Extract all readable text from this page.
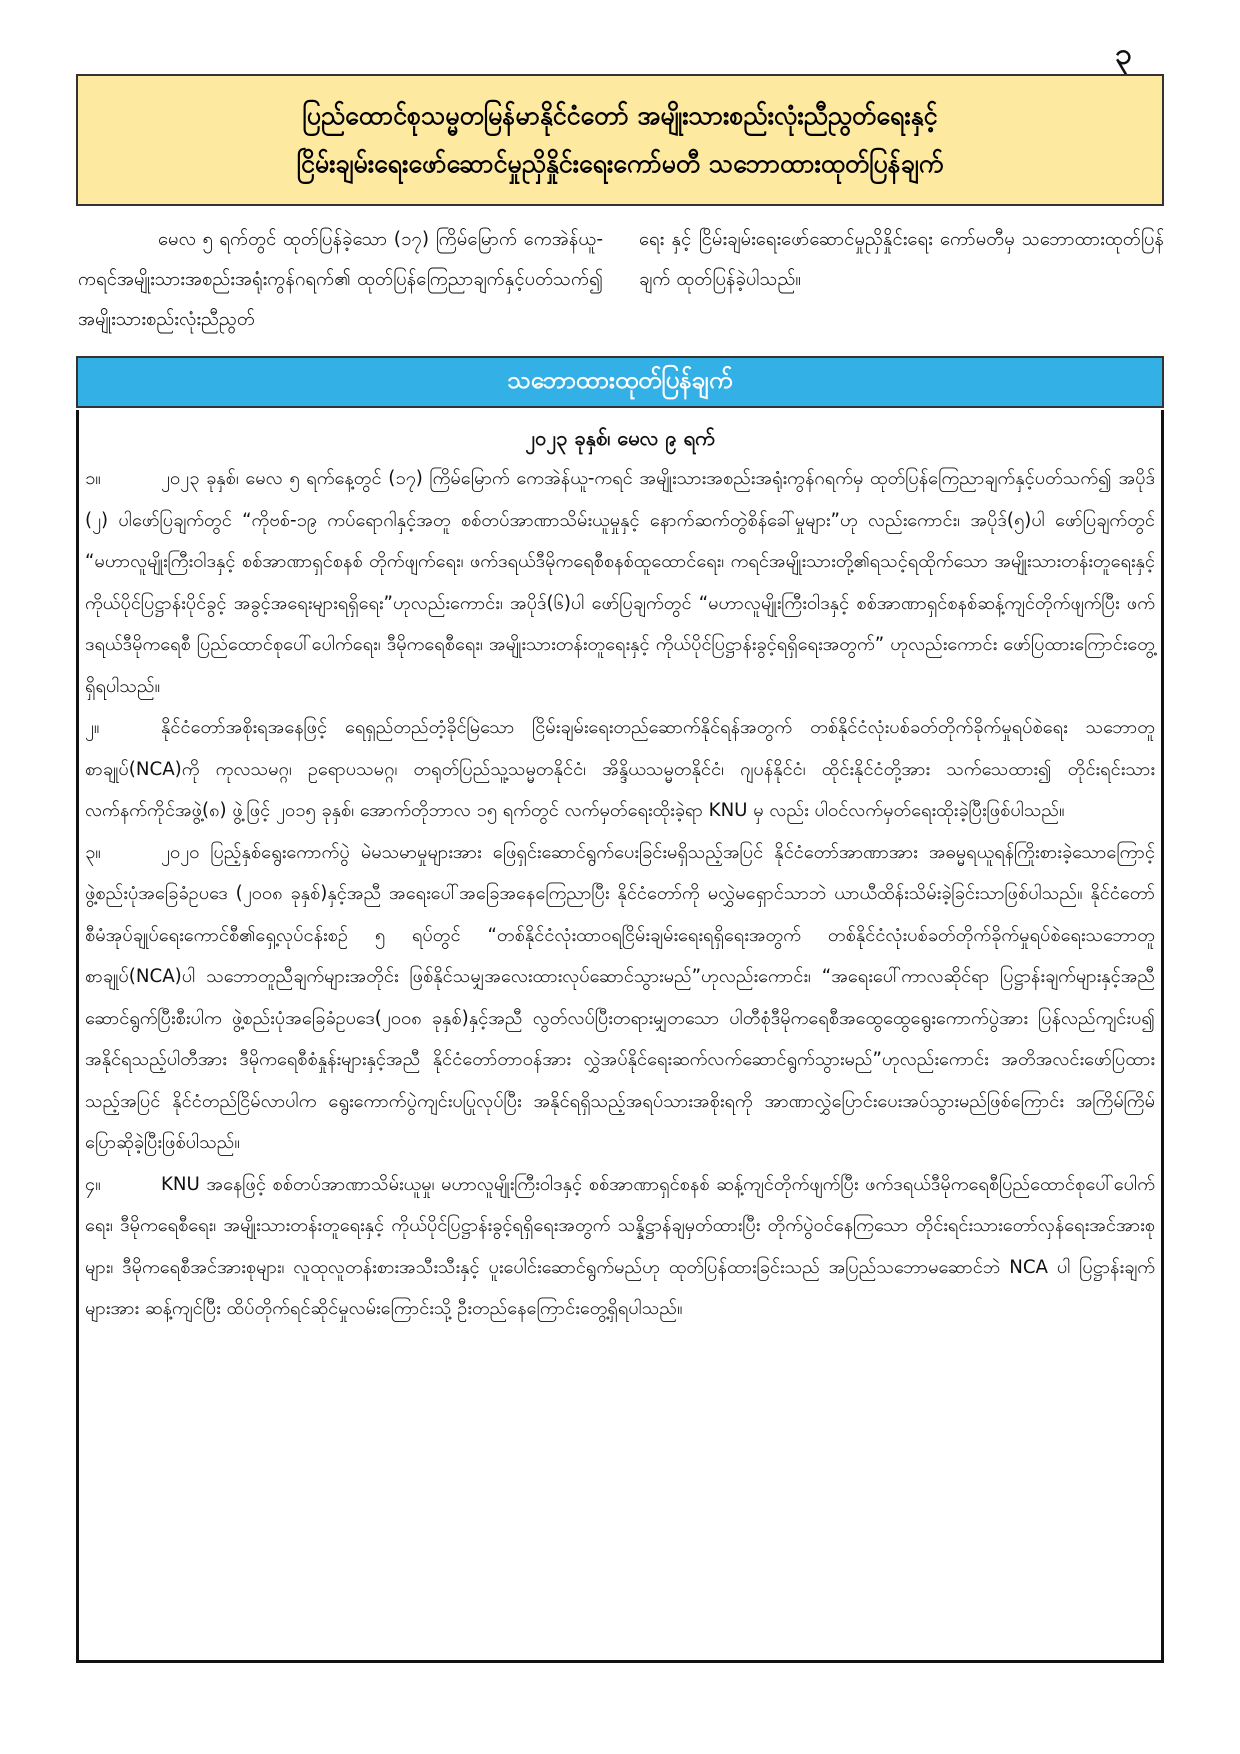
၃
ပြည်ထောင်စုသမ္မတမြန်မာနိုင်ငံတော် အမျိုးသားစည်းလုံးညီညွတ်ရေးနှင့်
ငြိမ်းချမ်းရေးဖော်ဆောင်မှုညှိနှိုင်းရေးကော်မတီ သဘောထားထုတ်ပြန်ချက်
မေလ ၅ ရက်တွင် ထုတ်ပြန်ခဲ့သော (၁၇) ကြိမ်မြောက် ကေအဲန်ယူ-ကရင်အမျိုးသားအစည်းအရုံးကွန်ဂရက်၏ ထုတ်ပြန်ကြေညာချက်နှင့်ပတ်သက်၍ အမျိုးသားစည်းလုံးညီညွတ်
ရေး နှင့် ငြိမ်းချမ်းရေးဖော်ဆောင်မှုညှိနှိုင်းရေး ကော်မတီမှ သဘောထားထုတ်ပြန်ချက် ထုတ်ပြန်ခဲ့ပါသည်။
သဘောထားထုတ်ပြန်ချက်
၂၀၂၃ ခုနှစ်၊ မေလ ၉ ရက်

၁။	၂၀၂၃ ခုနှစ်၊ မေလ ၅ ရက်နေ့တွင် (၁၇) ကြိမ်မြောက် ကေအဲန်ယူ-ကရင် အမျိုးသားအစည်းအရုံးကွန်ဂရက်မှ ထုတ်ပြန်ကြေညာချက်နှင့်ပတ်သက်၍ အပိုဒ် (၂) ပါဖော်ပြချက်တွင် “ကိုဗစ်-၁၉ ကပ်ရောဂါနှင့်အတူ စစ်တပ်အာဏာသိမ်းယူမှုနှင့် နောက်ဆက်တွဲစိန်ခေါ်မှုများ”ဟု လည်းကောင်း၊ အပိုဒ်(၅)ပါ ဖော်ပြချက်တွင် “မဟာလူမျိုးကြီးဝါဒနှင့် စစ်အာဏာရှင်စနစ် တိုက်ဖျက်ရေး၊ ဖက်ဒရယ်ဒီမိုကရေစီစနစ်ထူထောင်ရေး၊ ကရင်အမျိုးသားတို့၏ရသင့်ရထိုက်သော အမျိုးသားတန်းတူရေးနှင့် ကိုယ်ပိုင်ပြဋ္ဌာန်းပိုင်ခွင့် အခွင့်အရေးများရရှိရေး”ဟုလည်းကောင်း၊ အပိုဒ်(၆)ပါ ဖော်ပြချက်တွင် “မဟာလူမျိုးကြီးဝါဒနှင့် စစ်အာဏာရှင်စနစ်ဆန့်ကျင်တိုက်ဖျက်ပြီး ဖက်ဒရယ်ဒီမိုကရေစီ ပြည်ထောင်စုပေါ်ပေါက်ရေး၊ ဒီမိုကရေစီရေး၊ အမျိုးသားတန်းတူရေးနှင့် ကိုယ်ပိုင်ပြဋ္ဌာန်းခွင့်ရရှိရေးအတွက်” ဟုလည်းကောင်း ဖော်ပြထားကြောင်းတွေ့ရှိရပါသည်။

၂။	နိုင်ငံတော်အစိုးရအနေဖြင့် ရေရှည်တည်တံ့ခိုင်မြဲသော ငြိမ်းချမ်းရေးတည်ဆောက်နိုင်ရန်အတွက် တစ်နိုင်ငံလုံးပစ်ခတ်တိုက်ခိုက်မှုရပ်စဲရေး သဘောတူစာချုပ်(NCA)ကို ကုလသမဂ္ဂ၊ ဥရောပသမဂ္ဂ၊ တရုတ်ပြည်သူ့သမ္မတနိုင်ငံ၊ အိန္ဒိယသမ္မတနိုင်ငံ၊ ဂျပန်နိုင်ငံ၊ ထိုင်းနိုင်ငံတို့အား သက်သေထား၍ တိုင်းရင်းသားလက်နက်ကိုင်အဖွဲ့(၈) ဖွဲ့ဖြင့် ၂၀၁၅ ခုနှစ်၊ အောက်တိုဘာလ ၁၅ ရက်တွင် လက်မှတ်ရေးထိုးခဲ့ရာ KNU မှ လည်း ပါဝင်လက်မှတ်ရေးထိုးခဲ့ပြီးဖြစ်ပါသည်။

၃။	၂၀၂၀ ပြည့်နှစ်ရွေးကောက်ပွဲ မဲမသမာမှုများအား ဖြေရှင်းဆောင်ရွက်ပေးခြင်းမရှိသည့်အပြင် နိုင်ငံတော်အာဏာအား အဓမ္မရယူရန်ကြိုးစားခဲ့သောကြောင့် ဖွဲ့စည်းပုံအခြေခံဥပဒေ (၂၀၀၈ ခုနှစ်)နှင့်အညီ အရေးပေါ်အခြေအနေကြေညာပြီး နိုင်ငံတော်ကို မလွှဲမရှောင်သာဘဲ ယာယီထိန်းသိမ်းခဲ့ခြင်းသာဖြစ်ပါသည်။ နိုင်ငံတော်စီမံအုပ်ချုပ်ရေးကောင်စီ၏ရှေ့လုပ်ငန်းစဉ် ၅ ရပ်တွင် “တစ်နိုင်ငံလုံးထာဝရငြိမ်းချမ်းရေးရရှိရေးအတွက် တစ်နိုင်ငံလုံးပစ်ခတ်တိုက်ခိုက်မှုရပ်စဲရေးသဘောတူစာချုပ်(NCA)ပါ သဘောတူညီချက်များအတိုင်း ဖြစ်နိုင်သမျှအလေးထားလုပ်ဆောင်သွားမည်”ဟုလည်းကောင်း၊ “အရေးပေါ်ကာလဆိုင်ရာ ပြဋ္ဌာန်းချက်များနှင့်အညီ ဆောင်ရွက်ပြီးစီးပါက ဖွဲ့စည်းပုံအခြေခံဥပဒေ(၂၀၀၈ ခုနှစ်)နှင့်အညီ လွတ်လပ်ပြီးတရားမျှတသော ပါတီစုံဒီမိုကရေစီအထွေထွေရွေးကောက်ပွဲအား ပြန်လည်ကျင်းပ၍ အနိုင်ရသည့်ပါတီအား ဒီမိုကရေစီစံနှုန်းများနှင့်အညီ နိုင်ငံတော်တာဝန်အား လွှဲအပ်နိုင်ရေးဆက်လက်ဆောင်ရွက်သွားမည်”ဟုလည်းကောင်း အတိအလင်းဖော်ပြထားသည့်အပြင် နိုင်ငံတည်ငြိမ်လာပါက ရွေးကောက်ပွဲကျင်းပပြုလုပ်ပြီး အနိုင်ရရှိသည့်အရပ်သားအစိုးရကို အာဏာလွှဲပြောင်းပေးအပ်သွားမည်ဖြစ်ကြောင်း အကြိမ်ကြိမ်ပြောဆိုခဲ့ပြီးဖြစ်ပါသည်။

၄။	KNU အနေဖြင့် စစ်တပ်အာဏာသိမ်းယူမှု၊ မဟာလူမျိုးကြီးဝါဒနှင့် စစ်အာဏာရှင်စနစ် ဆန့်ကျင်တိုက်ဖျက်ပြီး ဖက်ဒရယ်ဒီမိုကရေစီပြည်ထောင်စုပေါ်ပေါက်ရေး၊ ဒီမိုကရေစီရေး၊ အမျိုးသားတန်းတူရေးနှင့် ကိုယ်ပိုင်ပြဋ္ဌာန်းခွင့်ရရှိရေးအတွက် သန္နိဋ္ဌာန်ချမှတ်ထားပြီး တိုက်ပွဲဝင်နေကြသော တိုင်းရင်းသားတော်လှန်ရေးအင်အားစုများ၊ ဒီမိုကရေစီအင်အားစုများ၊ လူထုလူတန်းစားအသီးသီးနှင့် ပူးပေါင်းဆောင်ရွက်မည်ဟု ထုတ်ပြန်ထားခြင်းသည် အပြည်သဘောမဆောင်ဘဲ NCA ပါ ပြဋ္ဌာန်းချက်များအား ဆန့်ကျင်ပြီး ထိပ်တိုက်ရင်ဆိုင်မှုလမ်းကြောင်းသို့ ဦးတည်နေကြောင်းတွေ့ရှိရပါသည်။
